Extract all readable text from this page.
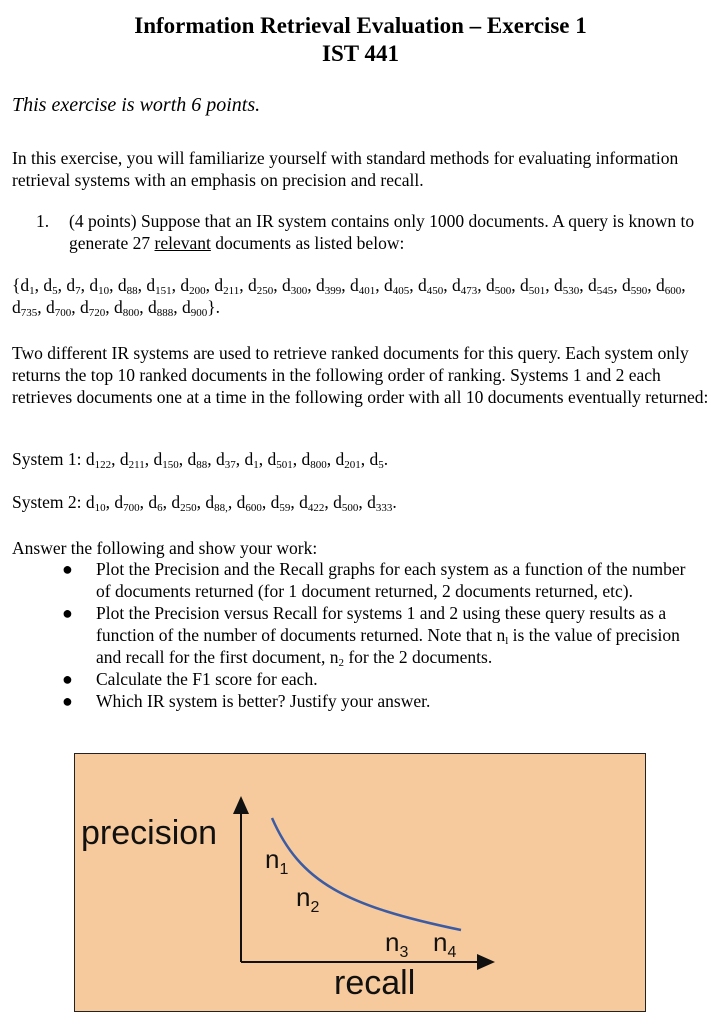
Information Retrieval Evaluation – Exercise 1
IST 441
This exercise is worth 6 points.
In this exercise, you will familiarize yourself with standard methods for evaluating information retrieval systems with an emphasis on precision and recall.
1. (4 points) Suppose that an IR system contains only 1000 documents. A query is known to generate 27 relevant documents as listed below:
{$d_1$, $d_5$, $d_7$, $d_{10}$, $d_{88}$, $d_{151}$, $d_{200}$, $d_{211}$, $d_{250}$, $d_{300}$, $d_{399}$, $d_{401}$, $d_{405}$, $d_{450}$, $d_{473}$, $d_{500}$, $d_{501}$, $d_{530}$, $d_{545}$, $d_{590}$, $d_{600}$, $d_{735}$, $d_{700}$, $d_{720}$, $d_{800}$, $d_{888}$, $d_{900}$}.
Two different IR systems are used to retrieve ranked documents for this query. Each system only returns the top 10 ranked documents in the following order of ranking. Systems 1 and 2 each retrieves documents one at a time in the following order with all 10 documents eventually returned:
System 1: $d_{122}$, $d_{211}$, $d_{150}$, $d_{88}$, $d_{37}$, $d_1$, $d_{501}$, $d_{800}$, $d_{201}$, $d_5$.
System 2: $d_{10}$, $d_{700}$, $d_6$, $d_{250}$, $d_{88,}$, $d_{600}$, $d_{59}$, $d_{422}$, $d_{500}$, $d_{333}$.
Answer the following and show your work:
● Plot the Precision and the Recall graphs for each system as a function of the number of documents returned (for 1 document returned, 2 documents returned, etc).
● Plot the Precision versus Recall for systems 1 and 2 using these query results as a function of the number of documents returned. Note that $n_l$ is the value of precision and recall for the first document, $n_2$ for the 2 documents.
● Calculate the F1 score for each.
● Which IR system is better? Justify your answer.
precision
recall
$n_1$
$n_2$
$n_3$ $n_4$
